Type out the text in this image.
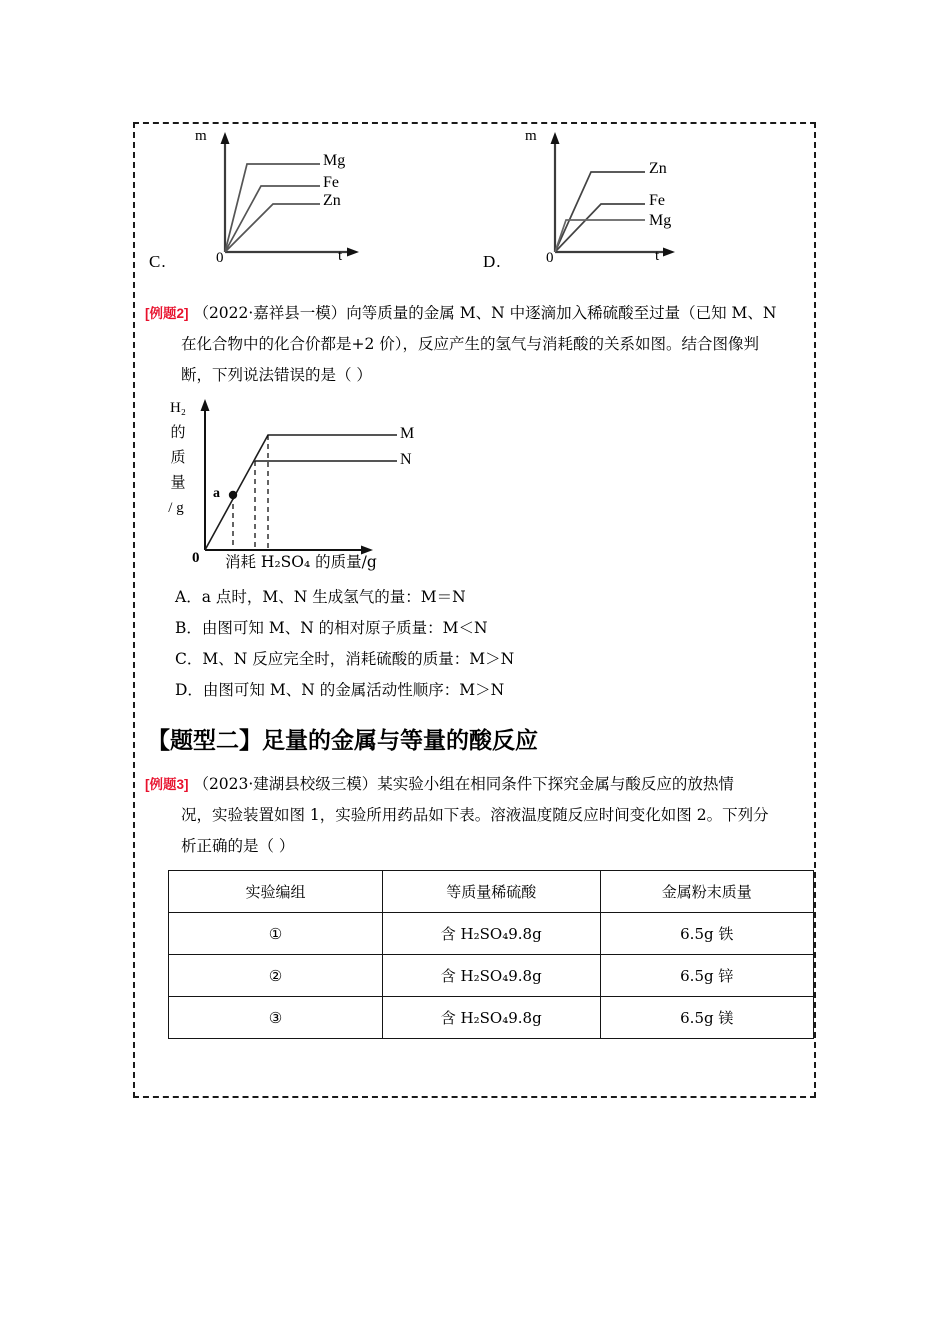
C.
m
t
0
Mg
Fe
Zn
D.
m
t
0
Zn
Fe
Mg
[例题2] （2022·嘉祥县一模）向等质量的金属 M、N 中逐滴加入稀硫酸至过量（已知 M、N
在化合物中的化合价都是+2 价），反应产生的氢气与消耗酸的关系如图。结合图像判
断，下列说法错误的是（ ）
H₂
的
质
量
/ g
a
M
N
0 消耗 H₂SO₄ 的质量/g
A．a 点时，M、N 生成氢气的量：M＝N
B．由图可知 M、N 的相对原子质量：M＜N
C．M、N 反应完全时，消耗硫酸的质量：M＞N
D．由图可知 M、N 的金属活动性顺序：M＞N
【题型二】足量的金属与等量的酸反应
[例题3] （2023·建湖县校级三模）某实验小组在相同条件下探究金属与酸反应的放热情
况，实验装置如图 1，实验所用药品如下表。溶液温度随反应时间变化如图 2。下列分
析正确的是（ ）
实验编组	等质量稀硫酸	金属粉末质量
①	含 H₂SO₄9.8g	6.5g 铁
②	含 H₂SO₄9.8g	6.5g 锌
③	含 H₂SO₄9.8g	6.5g 镁
